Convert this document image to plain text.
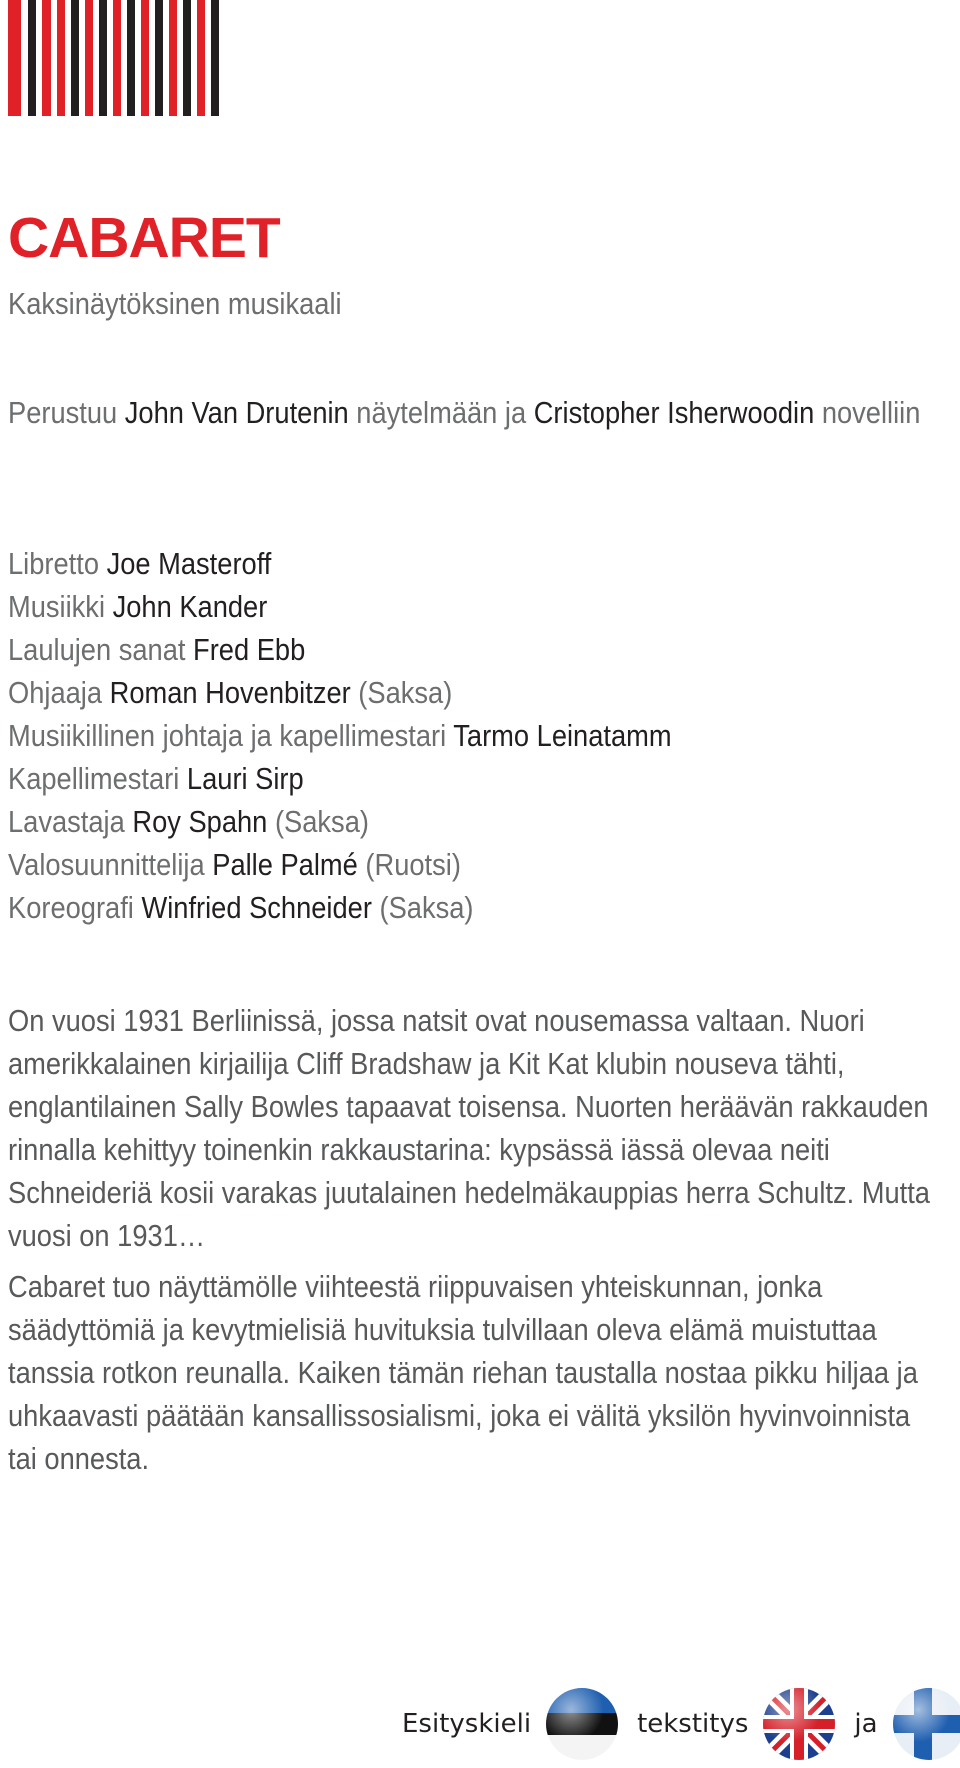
CABARET
Kaksinäytöksinen musikaali
Perustuu John Van Drutenin näytelmään ja Cristopher Isherwoodin novelliin
Libretto Joe Masteroff
Musiikki John Kander
Laulujen sanat Fred Ebb
Ohjaaja Roman Hovenbitzer (Saksa)
Musiikillinen johtaja ja kapellimestari Tarmo Leinatamm
Kapellimestari Lauri Sirp
Lavastaja Roy Spahn (Saksa)
Valosuunnittelija Palle Palmé (Ruotsi)
Koreografi Winfried Schneider (Saksa)

On vuosi 1931 Berliinissä, jossa natsit ovat nousemassa valtaan. Nuori amerikkalainen kirjailija Cliff Bradshaw ja Kit Kat klubin nouseva tähti, englantilainen Sally Bowles tapaavat toisensa. Nuorten heräävän rakkauden rinnalla kehittyy toinenkin rakkaustarina: kypsässä iässä olevaa neiti Schneideriä kosii varakas juutalainen hedelmäkauppias herra Schultz. Mutta vuosi on 1931…

Cabaret tuo näyttämölle viihteestä riippuvaisen yhteiskunnan, jonka säädyttömiä ja kevytmielisiä huvituksia tulvillaan oleva elämä muistuttaa tanssia rotkon reunalla. Kaiken tämän riehan taustalla nostaa pikku hiljaa ja uhkaavasti päätään kansallissosialismi, joka ei välitä yksilön hyvinvoinnista tai onnesta.

Esityskieli	tekstitys	ja
